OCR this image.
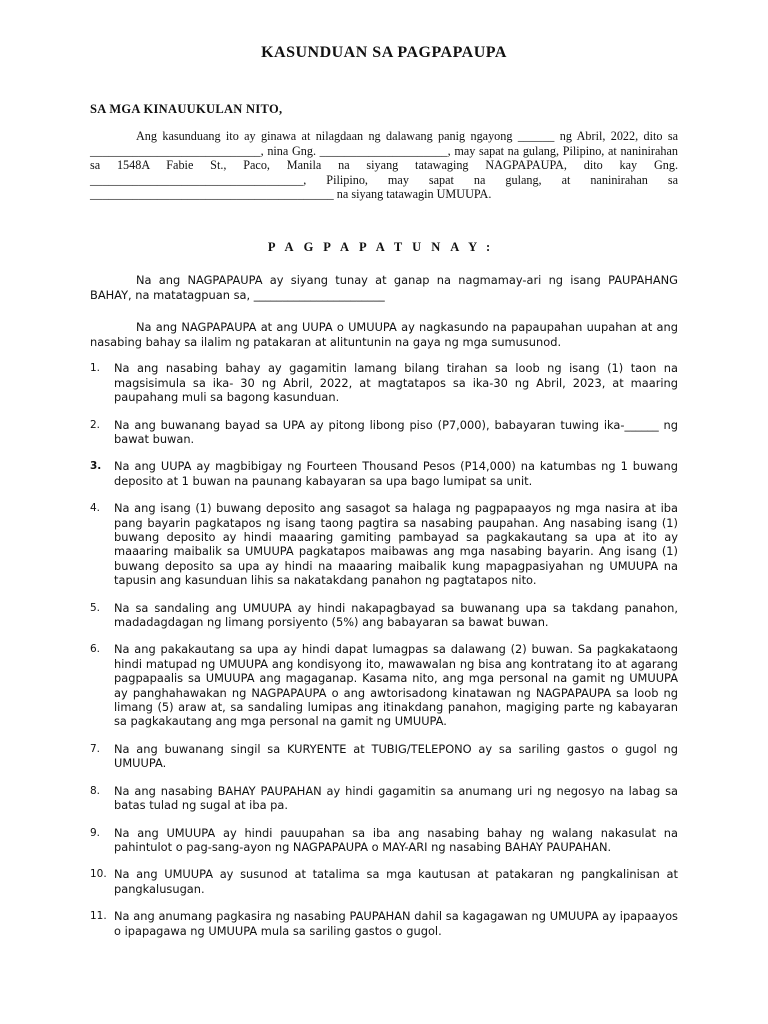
KASUNDUAN SA PAGPAPAUPA
SA MGA KINAUUKULAN NITO,
Ang kasunduang ito ay ginawa at nilagdaan ng dalawang panig ngayong ______ ng Abril, 2022, dito sa ____________________________, nina Gng. _____________________, may sapat na gulang, Pilipino, at naninirahan sa 1548A Fabie St., Paco, Manila na siyang tatawaging NAGPAPAUPA, dito kay Gng. ___________________________________, Pilipino, may sapat na gulang, at naninirahan sa ________________________________________ na siyang tatawagin UMUUPA.
PAGPAPATUNAY:
Na ang NAGPAPAUPA ay siyang tunay at ganap na nagmamay-ari ng isang PAUPAHANG BAHAY, na matatagpuan sa, _______________________
Na ang NAGPAPAUPA at ang UUPA o UMUUPA ay nagkasundo na papaupahan uupahan at ang nasabing bahay sa ilalim ng patakaran at alituntunin na gaya ng mga sumusunod.
1.	Na ang nasabing bahay ay gagamitin lamang bilang tirahan sa loob ng isang (1) taon na magsisimula sa ika- 30 ng Abril, 2022, at magtatapos sa ika-30 ng Abril, 2023, at maaring paupahang muli sa bagong kasunduan.
2.	Na ang buwanang bayad sa UPA ay pitong libong piso (P7,000), babayaran tuwing ika-______ ng bawat buwan.
3.	Na ang UUPA ay magbibigay ng Fourteen Thousand Pesos (P14,000) na katumbas ng 1 buwang deposito at 1 buwan na paunang kabayaran sa upa bago lumipat sa unit.
4.	Na ang isang (1) buwang deposito ang sasagot sa halaga ng pagpapaayos ng mga nasira at iba pang bayarin pagkatapos ng isang taong pagtira sa nasabing paupahan. Ang nasabing isang (1) buwang deposito ay hindi maaaring gamiting pambayad sa pagkakautang sa upa at ito ay maaaring maibalik sa UMUUPA pagkatapos maibawas ang mga nasabing bayarin. Ang isang (1) buwang deposito sa upa ay hindi na maaaring maibalik kung mapagpasiyahan ng UMUUPA na tapusin ang kasunduan lihis sa nakatakdang panahon ng pagtatapos nito.
5.	Na sa sandaling ang UMUUPA ay hindi nakapagbayad sa buwanang upa sa takdang panahon, madadagdagan ng limang porsiyento (5%) ang babayaran sa bawat buwan.
6.	Na ang pakakautang sa upa ay hindi dapat lumagpas sa dalawang (2) buwan. Sa pagkakataong hindi matupad ng UMUUPA ang kondisyong ito, mawawalan ng bisa ang kontratang ito at agarang pagpapaalis sa UMUUPA ang magaganap. Kasama nito, ang mga personal na gamit ng UMUUPA ay panghahawakan ng NAGPAPAUPA o ang awtorisadong kinatawan ng NAGPAPAUPA sa loob ng limang (5) araw at, sa sandaling lumipas ang itinakdang panahon, magiging parte ng kabayaran sa pagkakautang ang mga personal na gamit ng UMUUPA.
7.	Na ang buwanang singil sa KURYENTE at TUBIG/TELEPONO ay sa sariling gastos o gugol ng UMUUPA.
8.	Na ang nasabing BAHAY PAUPAHAN ay hindi gagamitin sa anumang uri ng negosyo na labag sa batas tulad ng sugal at iba pa.
9.	Na ang UMUUPA ay hindi pauupahan sa iba ang nasabing bahay ng walang nakasulat na pahintulot o pag-sang-ayon ng NAGPAPAUPA o MAY-ARI ng nasabing BAHAY PAUPAHAN.
10. Na ang UMUUPA ay susunod at tatalima sa mga kautusan at patakaran ng pangkalinisan at pangkalusugan.
11. Na ang anumang pagkasira ng nasabing PAUPAHAN dahil sa kagagawan ng UMUUPA ay ipapaayos o ipapagawa ng UMUUPA mula sa sariling gastos o gugol.
